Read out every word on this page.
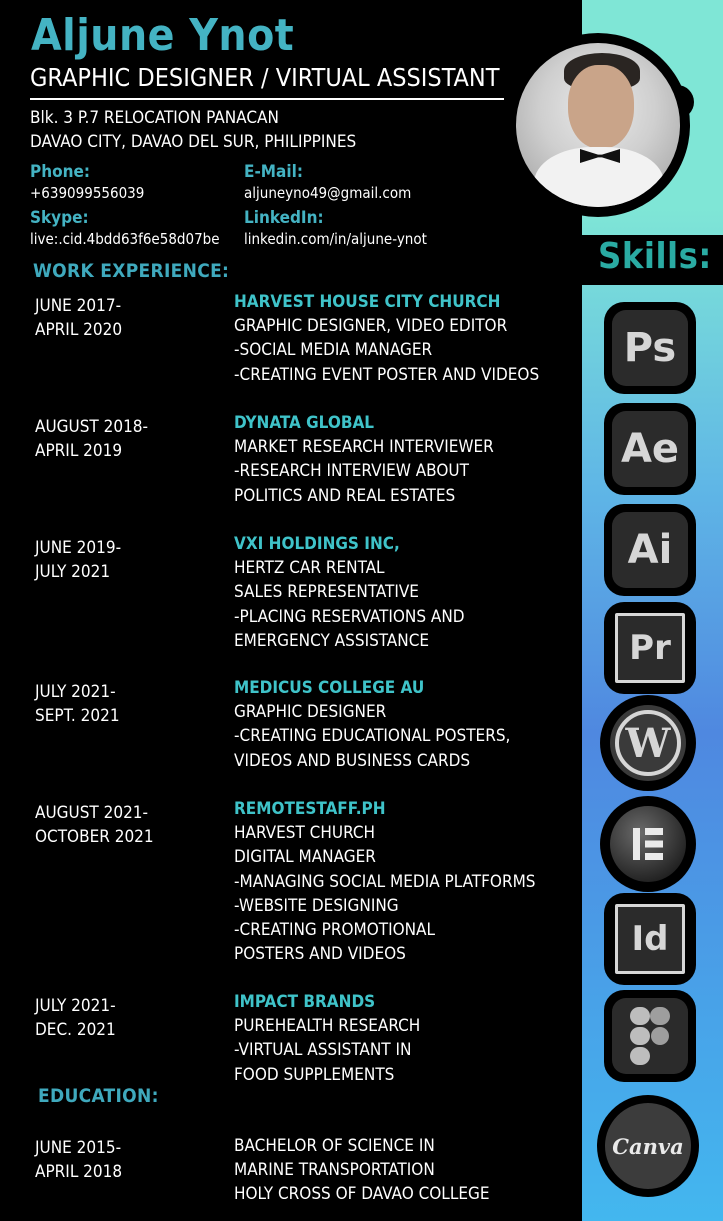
Skills:
Aljune Ynot
GRAPHIC DESIGNER / VIRTUAL ASSISTANT
Blk. 3 P.7 RELOCATION PANACAN
DAVAO CITY, DAVAO DEL SUR, PHILIPPINES
Phone:
+639099556039
E-Mail:
aljuneyno49@gmail.com
Skype:
live:.cid.4bdd63f6e58d07be
LinkedIn:
linkedin.com/in/aljune-ynot
WORK EXPERIENCE:
JUNE 2017-
APRIL 2020
HARVEST HOUSE CITY CHURCH
GRAPHIC DESIGNER, VIDEO EDITOR
-SOCIAL MEDIA MANAGER
-CREATING EVENT POSTER AND VIDEOS
AUGUST 2018-
APRIL 2019
DYNATA GLOBAL
MARKET RESEARCH INTERVIEWER
-RESEARCH INTERVIEW ABOUT
POLITICS AND REAL ESTATES
JUNE 2019-
JULY 2021
VXI HOLDINGS INC,
HERTZ CAR RENTAL
SALES REPRESENTATIVE
-PLACING RESERVATIONS AND
EMERGENCY ASSISTANCE
JULY 2021-
SEPT. 2021
MEDICUS COLLEGE AU
GRAPHIC DESIGNER
-CREATING EDUCATIONAL POSTERS,
VIDEOS AND BUSINESS CARDS
AUGUST 2021-
OCTOBER 2021
REMOTESTAFF.PH
HARVEST CHURCH
DIGITAL MANAGER
-MANAGING SOCIAL MEDIA PLATFORMS
-WEBSITE DESIGNING
-CREATING PROMOTIONAL
POSTERS AND VIDEOS
JULY 2021-
DEC. 2021
IMPACT BRANDS
PUREHEALTH RESEARCH
-VIRTUAL ASSISTANT IN
FOOD SUPPLEMENTS
EDUCATION:
JUNE 2015-
APRIL 2018
BACHELOR OF SCIENCE IN
MARINE TRANSPORTATION
HOLY CROSS OF DAVAO COLLEGE
Ps
Ae
Ai
Pr
W
Id
Canva
